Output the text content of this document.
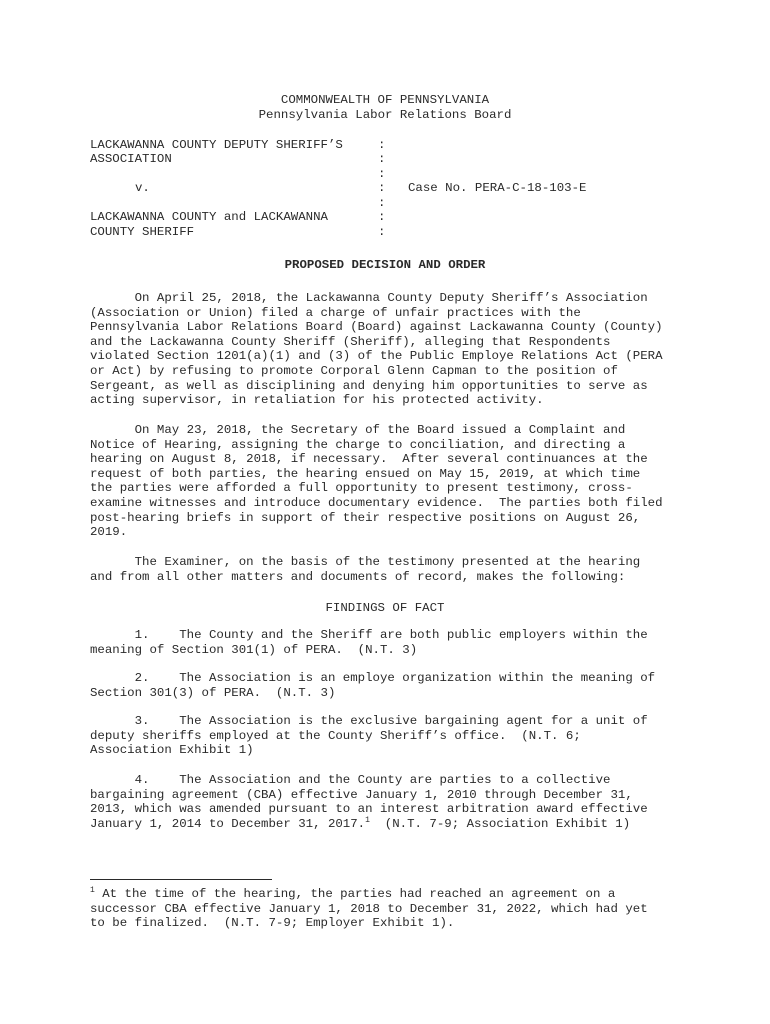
COMMONWEALTH OF PENNSYLVANIA
Pennsylvania Labor Relations Board
LACKAWANNA COUNTY DEPUTY SHERIFF’S
ASSOCIATION
v.
LACKAWANNA COUNTY and LACKAWANNA
COUNTY SHERIFF
:
:
:
:
:
:
:
Case No. PERA-C-18-103-E
PROPOSED DECISION AND ORDER
On April 25, 2018, the Lackawanna County Deputy Sheriff’s Association
(Association or Union) filed a charge of unfair practices with the
Pennsylvania Labor Relations Board (Board) against Lackawanna County (County)
and the Lackawanna County Sheriff (Sheriff), alleging that Respondents
violated Section 1201(a)(1) and (3) of the Public Employe Relations Act (PERA
or Act) by refusing to promote Corporal Glenn Capman to the position of
Sergeant, as well as disciplining and denying him opportunities to serve as
acting supervisor, in retaliation for his protected activity.
On May 23, 2018, the Secretary of the Board issued a Complaint and
Notice of Hearing, assigning the charge to conciliation, and directing a
hearing on August 8, 2018, if necessary.  After several continuances at the
request of both parties, the hearing ensued on May 15, 2019, at which time
the parties were afforded a full opportunity to present testimony, cross-
examine witnesses and introduce documentary evidence.  The parties both filed
post-hearing briefs in support of their respective positions on August 26,
2019.
The Examiner, on the basis of the testimony presented at the hearing
and from all other matters and documents of record, makes the following:
FINDINGS OF FACT
1.    The County and the Sheriff are both public employers within the
meaning of Section 301(1) of PERA.  (N.T. 3)
2.    The Association is an employe organization within the meaning of
Section 301(3) of PERA.  (N.T. 3)
3.    The Association is the exclusive bargaining agent for a unit of
deputy sheriffs employed at the County Sheriff’s office.  (N.T. 6;
Association Exhibit 1)
4.    The Association and the County are parties to a collective
bargaining agreement (CBA) effective January 1, 2010 through December 31,
2013, which was amended pursuant to an interest arbitration award effective
January 1, 2014 to December 31, 2017.$^1$  (N.T. 7-9; Association Exhibit 1)
$^1$ At the time of the hearing, the parties had reached an agreement on a
successor CBA effective January 1, 2018 to December 31, 2022, which had yet
to be finalized.  (N.T. 7-9; Employer Exhibit 1).
